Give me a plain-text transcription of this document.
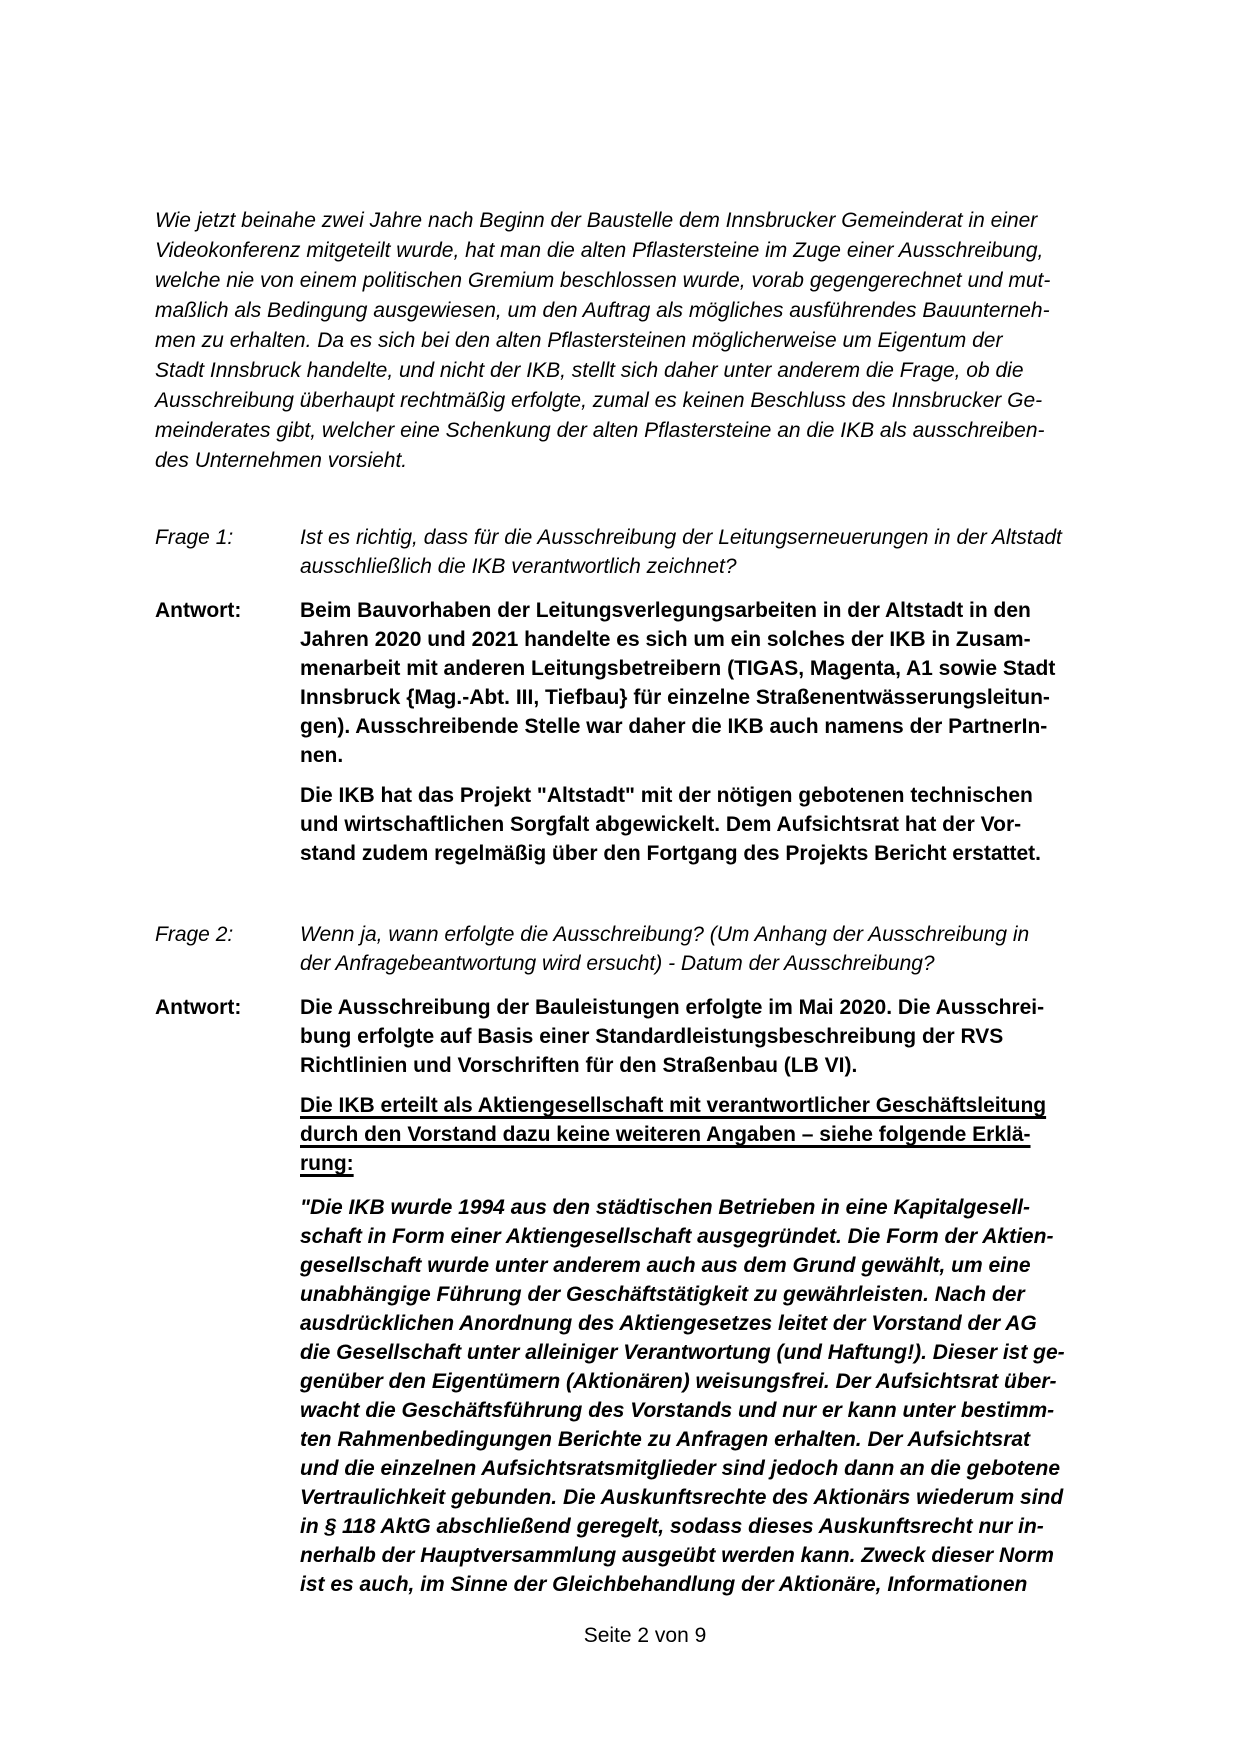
Wie jetzt beinahe zwei Jahre nach Beginn der Baustelle dem Innsbrucker Gemeinderat in einer
Videokonferenz mitgeteilt wurde, hat man die alten Pflastersteine im Zuge einer Ausschreibung,
welche nie von einem politischen Gremium beschlossen wurde, vorab gegengerechnet und mut-
maßlich als Bedingung ausgewiesen, um den Auftrag als mögliches ausführendes Bauunterneh-
men zu erhalten. Da es sich bei den alten Pflastersteinen möglicherweise um Eigentum der
Stadt Innsbruck handelte, und nicht der IKB, stellt sich daher unter anderem die Frage, ob die
Ausschreibung überhaupt rechtmäßig erfolgte, zumal es keinen Beschluss des Innsbrucker Ge-
meinderates gibt, welcher eine Schenkung der alten Pflastersteine an die IKB als ausschreiben-
des Unternehmen vorsieht.
Frage 1:	Ist es richtig, dass für die Ausschreibung der Leitungserneuerungen in der Altstadt
ausschließlich die IKB verantwortlich zeichnet?
Antwort:	Beim Bauvorhaben der Leitungsverlegungsarbeiten in der Altstadt in den
Jahren 2020 und 2021 handelte es sich um ein solches der IKB in Zusam-
menarbeit mit anderen Leitungsbetreibern (TIGAS, Magenta, A1 sowie Stadt
Innsbruck {Mag.-Abt. III, Tiefbau} für einzelne Straßenentwässerungsleitun-
gen). Ausschreibende Stelle war daher die IKB auch namens der PartnerIn-
nen.
Die IKB hat das Projekt "Altstadt" mit der nötigen gebotenen technischen
und wirtschaftlichen Sorgfalt abgewickelt. Dem Aufsichtsrat hat der Vor-
stand zudem regelmäßig über den Fortgang des Projekts Bericht erstattet.
Frage 2:	Wenn ja, wann erfolgte die Ausschreibung? (Um Anhang der Ausschreibung in
der Anfragebeantwortung wird ersucht) - Datum der Ausschreibung?
Antwort:	Die Ausschreibung der Bauleistungen erfolgte im Mai 2020. Die Ausschrei-
bung erfolgte auf Basis einer Standardleistungsbeschreibung der RVS
Richtlinien und Vorschriften für den Straßenbau (LB VI).
Die IKB erteilt als Aktiengesellschaft mit verantwortlicher Geschäftsleitung
durch den Vorstand dazu keine weiteren Angaben – siehe folgende Erklä-
rung:
"Die IKB wurde 1994 aus den städtischen Betrieben in eine Kapitalgesell-
schaft in Form einer Aktiengesellschaft ausgegründet. Die Form der Aktien-
gesellschaft wurde unter anderem auch aus dem Grund gewählt, um eine
unabhängige Führung der Geschäftstätigkeit zu gewährleisten. Nach der
ausdrücklichen Anordnung des Aktiengesetzes leitet der Vorstand der AG
die Gesellschaft unter alleiniger Verantwortung (und Haftung!). Dieser ist ge-
genüber den Eigentümern (Aktionären) weisungsfrei. Der Aufsichtsrat über-
wacht die Geschäftsführung des Vorstands und nur er kann unter bestimm-
ten Rahmenbedingungen Berichte zu Anfragen erhalten. Der Aufsichtsrat
und die einzelnen Aufsichtsratsmitglieder sind jedoch dann an die gebotene
Vertraulichkeit gebunden. Die Auskunftsrechte des Aktionärs wiederum sind
in § 118 AktG abschließend geregelt, sodass dieses Auskunftsrecht nur in-
nerhalb der Hauptversammlung ausgeübt werden kann. Zweck dieser Norm
ist es auch, im Sinne der Gleichbehandlung der Aktionäre, Informationen
Seite 2 von 9
